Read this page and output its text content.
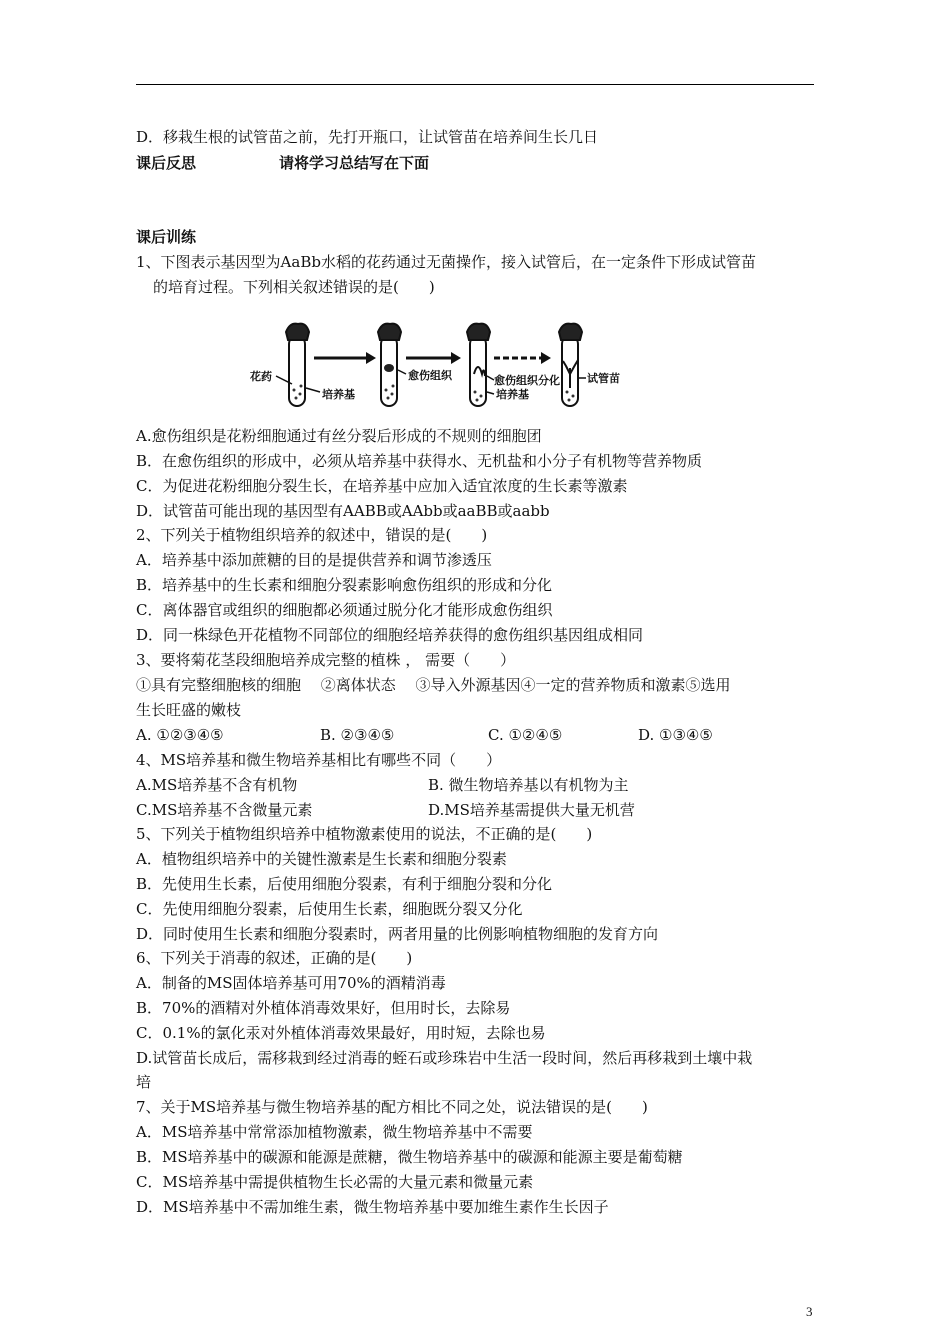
D．移栽生根的试管苗之前，先打开瓶口，让试管苗在培养间生长几日
课后反思	请将学习总结写在下面
课后训练
1、下图表示基因型为AaBb水稻的花药通过无菌操作，接入试管后，在一定条件下形成试管苗
的培育过程。下列相关叙述错误的是(　　)
花药
培养基
愈伤组织	愈伤组织分化
培养基
试管苗
A.愈伤组织是花粉细胞通过有丝分裂后形成的不规则的细胞团
B．在愈伤组织的形成中，必须从培养基中获得水、无机盐和小分子有机物等营养物质
C．为促进花粉细胞分裂生长，在培养基中应加入适宜浓度的生长素等激素
D．试管苗可能出现的基因型有AABB或AAbb或aaBB或aabb
2、下列关于植物组织培养的叙述中，错误的是(　　)
A．培养基中添加蔗糖的目的是提供营养和调节渗透压
B．培养基中的生长素和细胞分裂素影响愈伤组织的形成和分化
C．离体器官或组织的细胞都必须通过脱分化才能形成愈伤组织
D．同一株绿色开花植物不同部位的细胞经培养获得的愈伤组织基因组成相同
3、要将菊花茎段细胞培养成完整的植株 ， 需要（　　）
①具有完整细胞核的细胞　 ②离体状态　 ③导入外源基因④一定的营养物质和激素⑤选用
生长旺盛的嫩枝
A. ①②③④⑤	B. ②③④⑤	C. ①②④⑤	D. ①③④⑤
4、MS培养基和微生物培养基相比有哪些不同（　　）
A.MS培养基不含有机物	B. 微生物培养基以有机物为主
C.MS培养基不含微量元素	D.MS培养基需提供大量无机营
5、下列关于植物组织培养中植物激素使用的说法，不正确的是(　　)
A．植物组织培养中的关键性激素是生长素和细胞分裂素
B．先使用生长素，后使用细胞分裂素，有利于细胞分裂和分化
C．先使用细胞分裂素，后使用生长素，细胞既分裂又分化
D．同时使用生长素和细胞分裂素时，两者用量的比例影响植物细胞的发育方向
6、下列关于消毒的叙述，正确的是(　　)
A．制备的MS固体培养基可用70%的酒精消毒
B．70%的酒精对外植体消毒效果好，但用时长，去除易
C．0.1%的氯化汞对外植体消毒效果最好，用时短，去除也易
D.试管苗长成后，需移栽到经过消毒的蛭石或珍珠岩中生活一段时间，然后再移栽到土壤中栽
培
7、关于MS培养基与微生物培养基的配方相比不同之处，说法错误的是(　　)
A．MS培养基中常常添加植物激素，微生物培养基中不需要
B．MS培养基中的碳源和能源是蔗糖，微生物培养基中的碳源和能源主要是葡萄糖
C．MS培养基中需提供植物生长必需的大量元素和微量元素
D．MS培养基中不需加维生素，微生物培养基中要加维生素作生长因子
3
